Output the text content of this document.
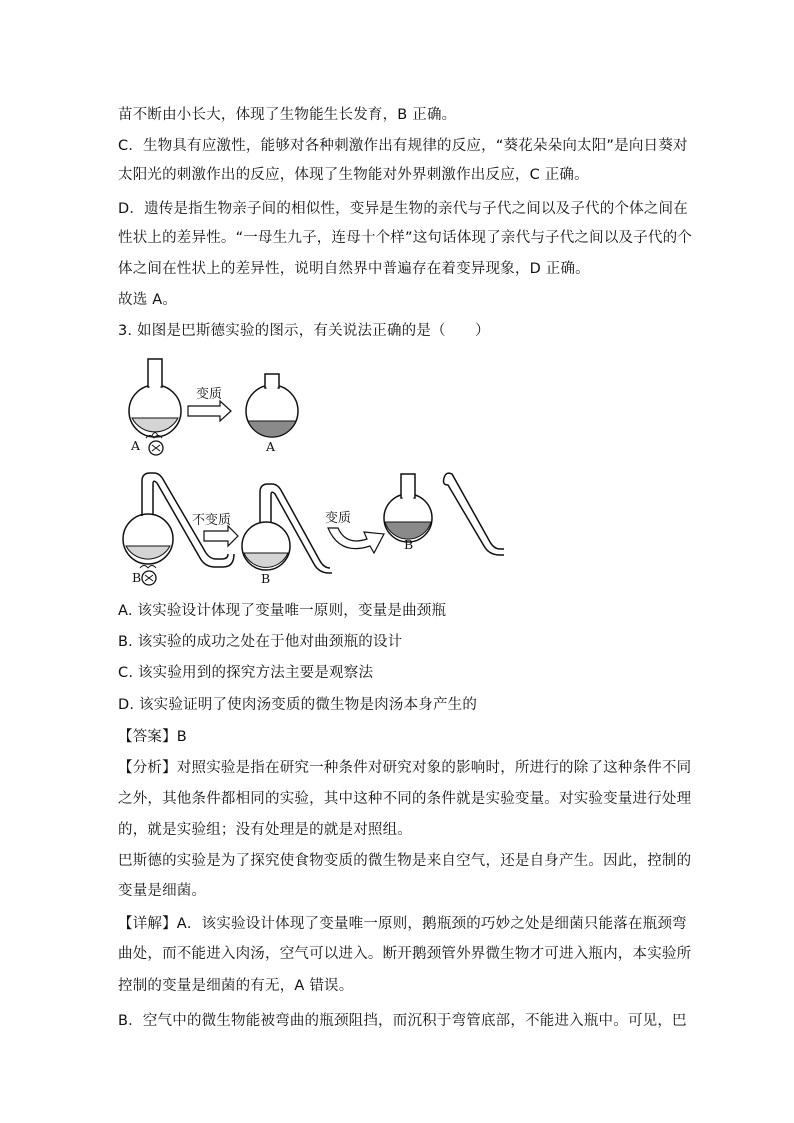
苗不断由小长大，体现了生物能生长发育，B 正确。
C．生物具有应激性，能够对各种刺激作出有规律的反应，“葵花朵朵向太阳”是向日葵对
太阳光的刺激作出的反应，体现了生物能对外界刺激作出反应，C 正确。
D．遗传是指生物亲子间的相似性，变异是生物的亲代与子代之间以及子代的个体之间在
性状上的差异性。“一母生九子，连母十个样”这句话体现了亲代与子代之间以及子代的个
体之间在性状上的差异性，说明自然界中普遍存在着变异现象，D 正确。
故选 A。
3. 如图是巴斯德实验的图示，有关说法正确的是（　　）
A
变质
A
B
不变质
B
变质
B
A. 该实验设计体现了变量唯一原则，变量是曲颈瓶
B. 该实验的成功之处在于他对曲颈瓶的设计
C. 该实验用到的探究方法主要是观察法
D. 该实验证明了使肉汤变质的微生物是肉汤本身产生的
【答案】B
【分析】对照实验是指在研究一种条件对研究对象的影响时，所进行的除了这种条件不同
之外，其他条件都相同的实验，其中这种不同的条件就是实验变量。对实验变量进行处理
的，就是实验组；没有处理是的就是对照组。
巴斯德的实验是为了探究使食物变质的微生物是来自空气，还是自身产生。因此，控制的
变量是细菌。
【详解】A．该实验设计体现了变量唯一原则，鹅瓶颈的巧妙之处是细菌只能落在瓶颈弯
曲处，而不能进入肉汤，空气可以进入。断开鹅颈管外界微生物才可进入瓶内，本实验所
控制的变量是细菌的有无，A 错误。
B．空气中的微生物能被弯曲的瓶颈阻挡，而沉积于弯管底部，不能进入瓶中。可见，巴
